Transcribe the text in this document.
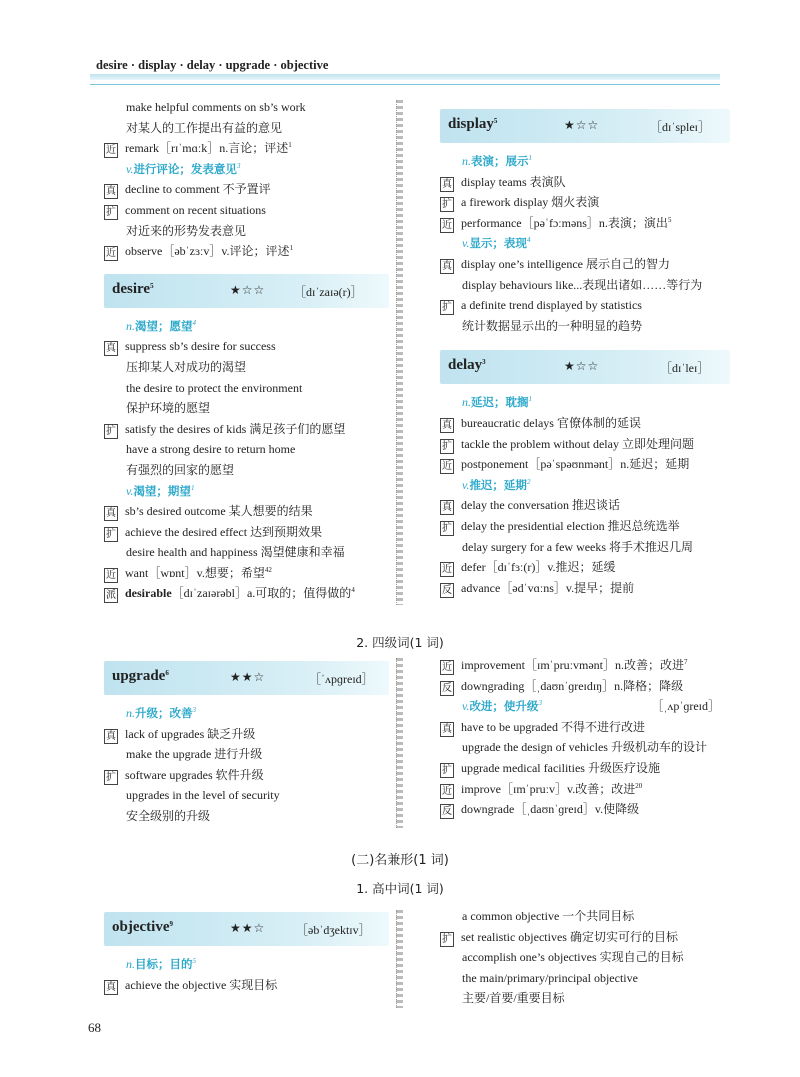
desire · display · delay · upgrade · objective
make helpful comments on sb’s work
对某人的工作提出有益的意见
近 remark［rɪˈmɑːk］n.言论；评述$^1$
v.进行评论；发表意见$^3$
真 decline to comment 不予置评
扩 comment on recent situations
对近来的形势发表意见
近 observe［əbˈzɜːv］v.评论；评述$^1$
desire$^5$	★☆☆ ［dɪˈzaɪə(r)］
n.渴望；愿望$^4$
真 suppress sb’s desire for success
压抑某人对成功的渴望
the desire to protect the environment
保护环境的愿望
扩 satisfy the desires of kids 满足孩子们的愿望
have a strong desire to return home
有强烈的回家的愿望
v.渴望；期望$^1$
真 sb’s desired outcome 某人想要的结果
扩 achieve the desired effect 达到预期效果
desire health and happiness 渴望健康和幸福
近 want［wɒnt］v.想要；希望$^{42}$
派 desirable［dɪˈzaɪərəbl］a.可取的；值得做的$^4$
display$^5$	★☆☆	［dɪˈspleɪ］
n.表演；展示$^1$
真 display teams 表演队
扩 a firework display 烟火表演
近 performance［pəˈfɔːməns］n.表演；演出$^5$
v.显示；表现$^4$
真 display one’s intelligence 展示自己的智力
display behaviours like...表现出诸如……等行为
扩 a definite trend displayed by statistics
统计数据显示出的一种明显的趋势
delay$^3$	★☆☆	［dɪˈleɪ］
n.延迟；耽搁$^1$
真 bureaucratic delays 官僚体制的延误
扩 tackle the problem without delay 立即处理问题
近 postponement［pəˈspəʊnmənt］n.延迟；延期
v.推迟；延期$^2$
真 delay the conversation 推迟谈话
扩 delay the presidential election 推迟总统选举
delay surgery for a few weeks 将手术推迟几周
近 defer［dɪˈfɜː(r)］v.推迟；延缓
反 advance［ədˈvɑːns］v.提早；提前
2. 四级词(1 词)
upgrade$^6$	★★☆	［ˈʌpɡreɪd］
n.升级；改善$^3$
真 lack of upgrades 缺乏升级
make the upgrade 进行升级
扩 software upgrades 软件升级
upgrades in the level of security
安全级别的升级
近 improvement［ɪmˈpruːvmənt］n.改善；改进$^7$
反 downgrading［ˌdaʊnˈɡreɪdɪŋ］n.降格；降级
v.改进；使升级$^3$	［ˌʌpˈɡreɪd］
真 have to be upgraded 不得不进行改进
upgrade the design of vehicles 升级机动车的设计
扩 upgrade medical facilities 升级医疗设施
近 improve［ɪmˈpruːv］v.改善；改进$^{20}$
反 downgrade［ˌdaʊnˈɡreɪd］v.使降级
(二)名兼形(1 词)
1. 高中词(1 词)
objective$^9$	★★☆	［əbˈdʒektɪv］
n.目标；目的$^5$
真 achieve the objective 实现目标
a common objective 一个共同目标
扩 set realistic objectives 确定切实可行的目标
accomplish one’s objectives 实现自己的目标
the main/primary/principal objective
主要/首要/重要目标
68
